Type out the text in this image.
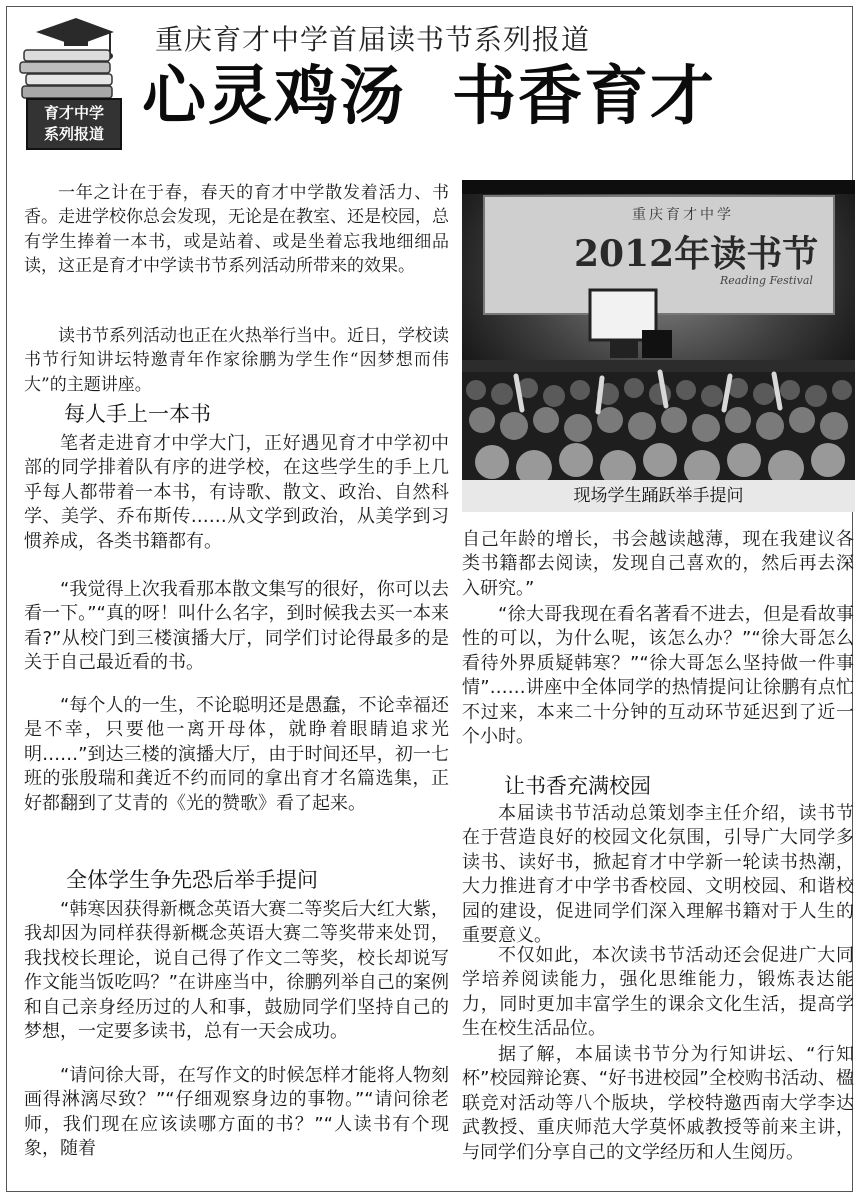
育才中学
系列报道
重庆育才中学首届读书节系列报道
心灵鸡汤 书香育才

一年之计在于春，春天的育才中学散发着活力、书香。走进学校你总会发现，无论是在教室、还是校园，总有学生捧着一本书，或是站着、或是坐着忘我地细细品读，这正是育才中学读书节系列活动所带来的效果。

读书节系列活动也正在火热举行当中。近日，学校读书节行知讲坛特邀青年作家徐鹏为学生作“因梦想而伟大”的主题讲座。

每人手上一本书

笔者走进育才中学大门，正好遇见育才中学初中部的同学排着队有序的进学校，在这些学生的手上几乎每人都带着一本书，有诗歌、散文、政治、自然科学、美学、乔布斯传……从文学到政治，从美学到习惯养成，各类书籍都有。

“我觉得上次我看那本散文集写的很好，你可以去看一下。”“真的呀！叫什么名字，到时候我去买一本来看?”从校门到三楼演播大厅，同学们讨论得最多的是关于自己最近看的书。

“每个人的一生，不论聪明还是愚蠢，不论幸福还是不幸，只要他一离开母体，就睁着眼睛追求光明……”到达三楼的演播大厅，由于时间还早，初一七班的张殷瑞和龚近不约而同的拿出育才名篇选集，正好都翻到了艾青的《光的赞歌》看了起来。

全体学生争先恐后举手提问

“韩寒因获得新概念英语大赛二等奖后大红大紫，我却因为同样获得新概念英语大赛二等奖带来处罚，我找校长理论，说自己得了作文二等奖，校长却说写作文能当饭吃吗？”在讲座当中，徐鹏列举自己的案例和自己亲身经历过的人和事，鼓励同学们坚持自己的梦想，一定要多读书，总有一天会成功。

“请问徐大哥，在写作文的时候怎样才能将人物刻画得淋漓尽致？”“仔细观察身边的事物。”“请问徐老师，我们现在应该读哪方面的书？”“人读书有个现象，随着

重庆育才中学
2012年读书节
Reading Festival
现场学生踊跃举手提问

自己年龄的增长，书会越读越薄，现在我建议各类书籍都去阅读，发现自己喜欢的，然后再去深入研究。”

“徐大哥我现在看名著看不进去，但是看故事性的可以，为什么呢，该怎么办？”“徐大哥怎么看待外界质疑韩寒？”“徐大哥怎么坚持做一件事情”……讲座中全体同学的热情提问让徐鹏有点忙不过来，本来二十分钟的互动环节延迟到了近一个小时。

让书香充满校园

本届读书节活动总策划李主任介绍，读书节在于营造良好的校园文化氛围，引导广大同学多读书、读好书，掀起育才中学新一轮读书热潮，大力推进育才中学书香校园、文明校园、和谐校园的建设，促进同学们深入理解书籍对于人生的重要意义。

不仅如此，本次读书节活动还会促进广大同学培养阅读能力，强化思维能力，锻炼表达能力，同时更加丰富学生的课余文化生活，提高学生在校生活品位。

据了解，本届读书节分为行知讲坛、“行知杯”校园辩论赛、“好书进校园”全校购书活动、楹联竞对活动等八个版块，学校特邀西南大学李达武教授、重庆师范大学莫怀戚教授等前来主讲，与同学们分享自己的文学经历和人生阅历。
